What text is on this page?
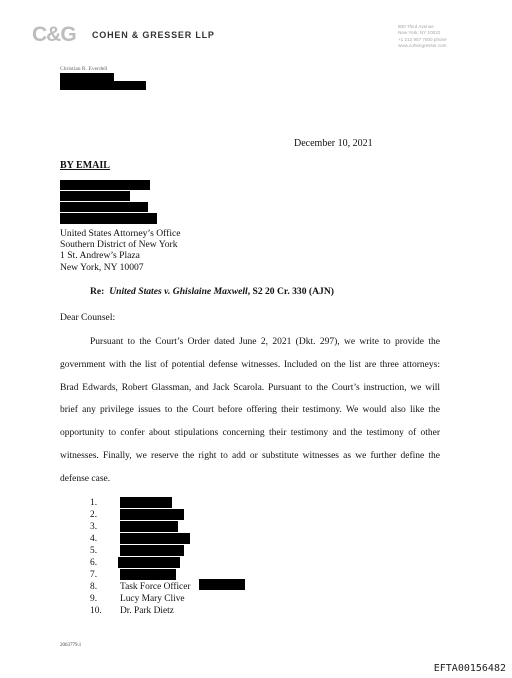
C&G COHEN & GRESSER LLP
800 Third Avenue
New York, NY 10022
+1 212 957 7600 phone
www.cohengresser.com
Christian R. Everdell
December 10, 2021
BY EMAIL
United States Attorney’s Office
Southern District of New York
1 St. Andrew’s Plaza
New York, NY 10007
Re: United States v. Ghislaine Maxwell, S2 20 Cr. 330 (AJN)
Dear Counsel:
Pursuant to the Court’s Order dated June 2, 2021 (Dkt. 297), we write to provide the government with the list of potential defense witnesses. Included on the list are three attorneys: Brad Edwards, Robert Glassman, and Jack Scarola. Pursuant to the Court’s instruction, we will brief any privilege issues to the Court before offering their testimony. We would also like the opportunity to confer about stipulations concerning their testimony and the testimony of other witnesses. Finally, we reserve the right to add or substitute witnesses as we further define the defense case.
1.
2.
3.
4.
5.
6.
7.
8.	Task Force Officer
9.	Lucy Mary Clive
10.	Dr. Park Dietz
2063779.1
EFTA00156482
